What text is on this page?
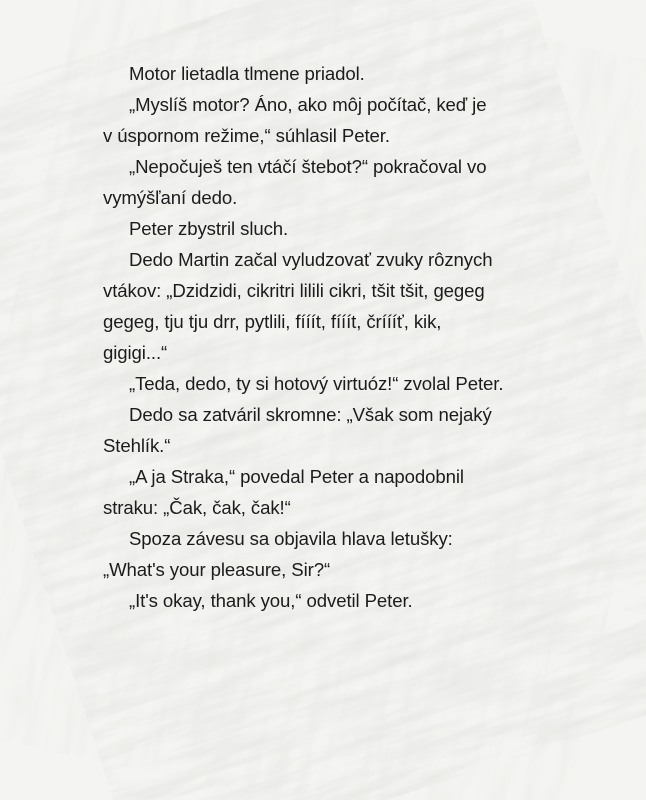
Motor lietadla tlmene priadol.
„Myslíš motor? Áno, ako môj počítač, keď je
v úspornom režime,“ súhlasil Peter.
„Nepočuješ ten vtáčí štebot?“ pokračoval vo
vymýšľaní dedo.
Peter zbystril sluch.
Dedo Martin začal vyludzovať zvuky rôznych
vtákov: „Dzidzidi, cikritri lilili cikri, tšit tšit, gegeg
gegeg, tju tju drr, pytlili, fííít, fííít, čríííť, kik,
gigigi...“
„Teda, dedo, ty si hotový virtuóz!“ zvolal Peter.
Dedo sa zatváril skromne: „Však som nejaký
Stehlík.“
„A ja Straka,“ povedal Peter a napodobnil
straku: „Čak, čak, čak!“
Spoza závesu sa objavila hlava letušky:
„What's your pleasure, Sir?“
„It's okay, thank you,“ odvetil Peter.
